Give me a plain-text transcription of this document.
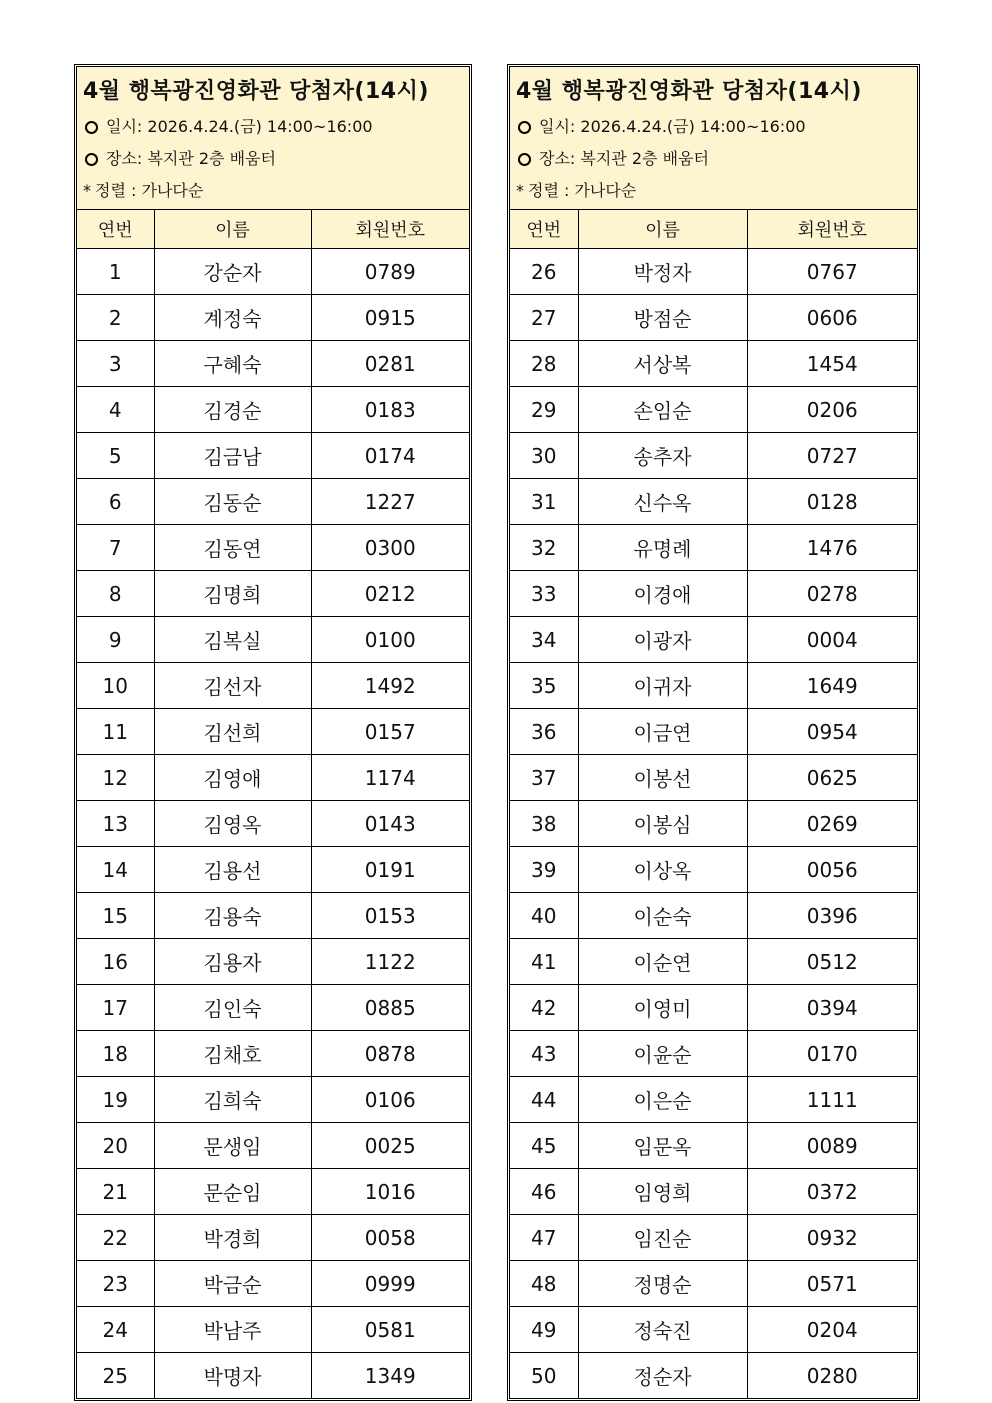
4월 행복광진영화관 당첨자(14시)
일시: 2026.4.24.(금) 14:00~16:00
장소: 복지관 2층 배움터
* 정렬 : 가나다순
연번	이름	회원번호
1	강순자	0789
2	계정숙	0915
3	구혜숙	0281
4	김경순	0183
5	김금남	0174
6	김동순	1227
7	김동연	0300
8	김명희	0212
9	김복실	0100
10	김선자	1492
11	김선희	0157
12	김영애	1174
13	김영옥	0143
14	김용선	0191
15	김용숙	0153
16	김용자	1122
17	김인숙	0885
18	김채호	0878
19	김희숙	0106
20	문생임	0025
21	문순임	1016
22	박경희	0058
23	박금순	0999
24	박남주	0581
25	박명자	1349
4월 행복광진영화관 당첨자(14시)
일시: 2026.4.24.(금) 14:00~16:00
장소: 복지관 2층 배움터
* 정렬 : 가나다순
연번	이름	회원번호
26	박정자	0767
27	방점순	0606
28	서상복	1454
29	손임순	0206
30	송추자	0727
31	신수옥	0128
32	유명례	1476
33	이경애	0278
34	이광자	0004
35	이귀자	1649
36	이금연	0954
37	이봉선	0625
38	이봉심	0269
39	이상옥	0056
40	이순숙	0396
41	이순연	0512
42	이영미	0394
43	이윤순	0170
44	이은순	1111
45	임문옥	0089
46	임영희	0372
47	임진순	0932
48	정명순	0571
49	정숙진	0204
50	정순자	0280
